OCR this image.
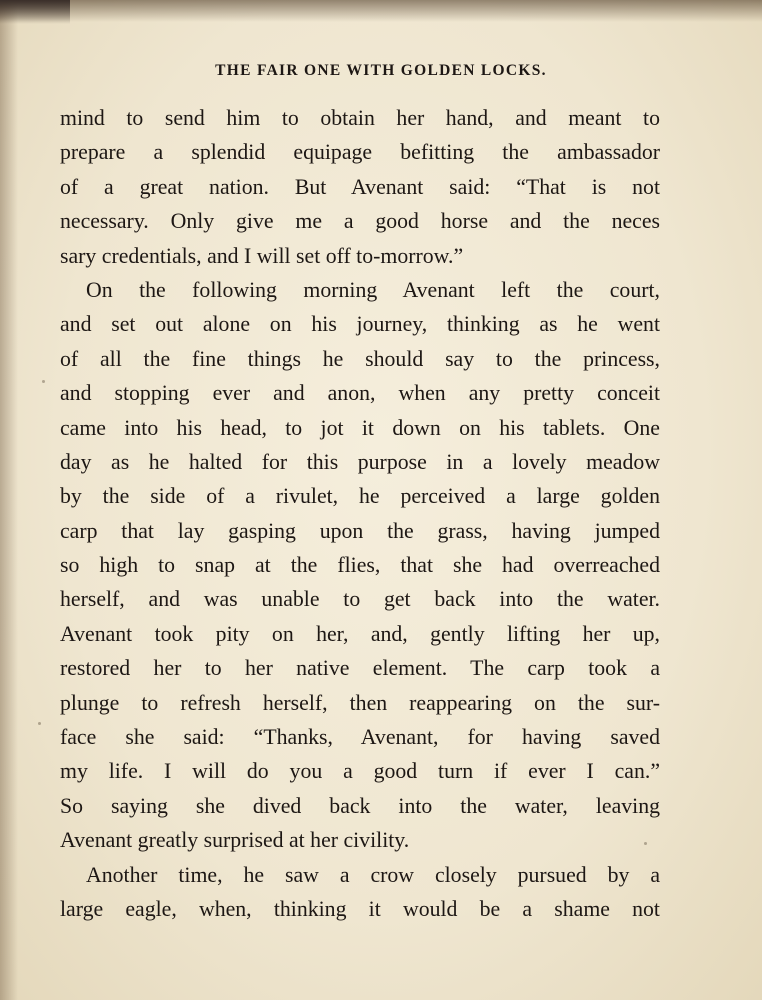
THE FAIR ONE WITH GOLDEN LOCKS.
mind to send him to obtain her hand, and meant to
prepare a splendid equipage befitting the ambassador
of a great nation. But Avenant said: “That is not
necessary. Only give me a good horse and the neces
sary credentials, and I will set off to-morrow.”
On the following morning Avenant left the court,
and set out alone on his journey, thinking as he went
of all the fine things he should say to the princess,
and stopping ever and anon, when any pretty conceit
came into his head, to jot it down on his tablets. One
day as he halted for this purpose in a lovely meadow
by the side of a rivulet, he perceived a large golden
carp that lay gasping upon the grass, having jumped
so high to snap at the flies, that she had overreached
herself, and was unable to get back into the water.
Avenant took pity on her, and, gently lifting her up,
restored her to her native element. The carp took a
plunge to refresh herself, then reappearing on the sur-
face she said: “Thanks, Avenant, for having saved
my life. I will do you a good turn if ever I can.”
So saying she dived back into the water, leaving
Avenant greatly surprised at her civility.
Another time, he saw a crow closely pursued by a
large eagle, when, thinking it would be a shame not
